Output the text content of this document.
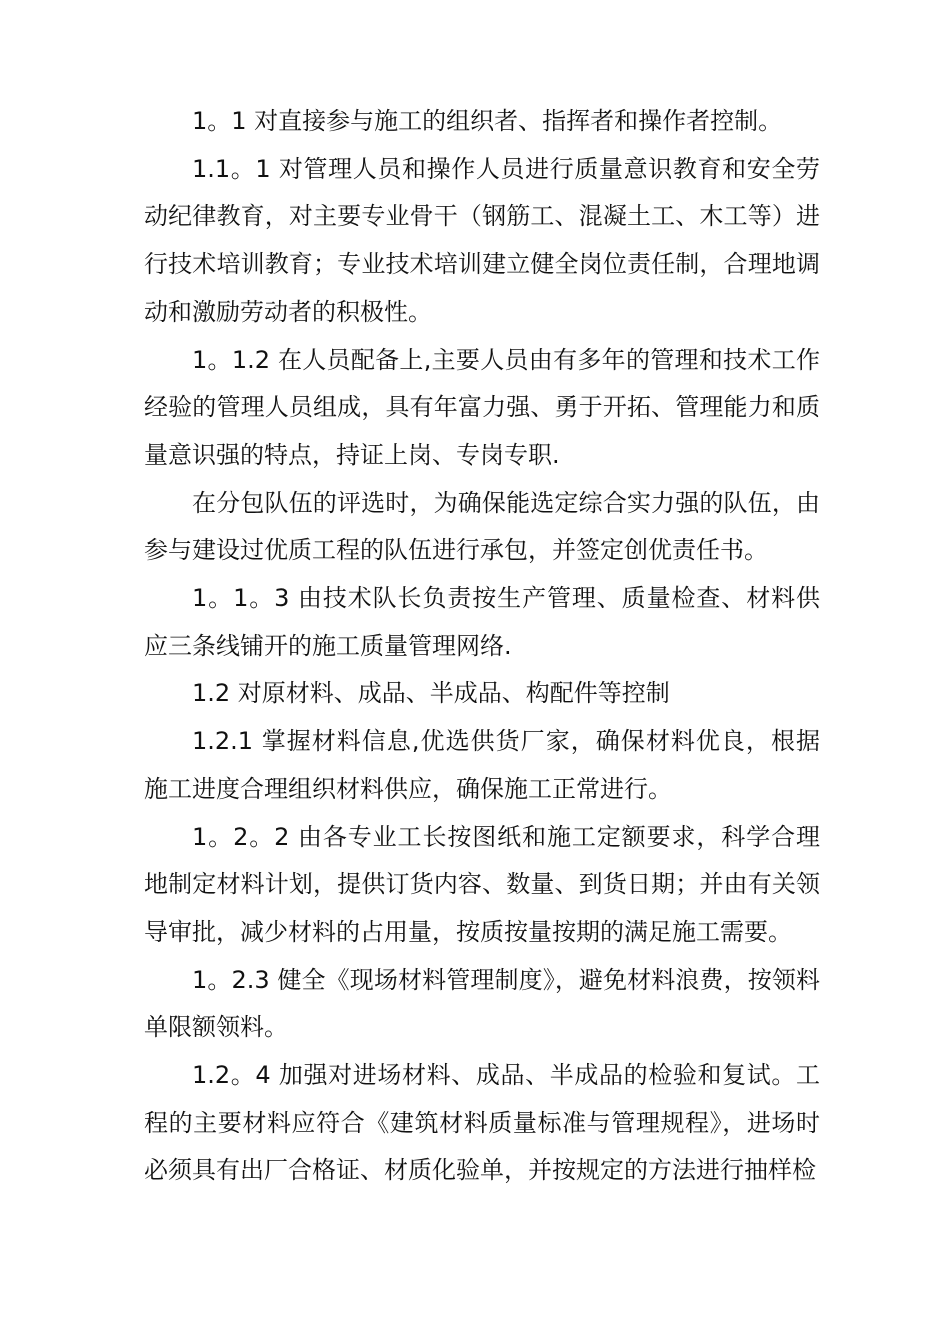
1。1 对直接参与施工的组织者、指挥者和操作者控制。

1.1。1 对管理人员和操作人员进行质量意识教育和安全劳动纪律教育，对主要专业骨干（钢筋工、混凝土工、木工等）进行技术培训教育；专业技术培训建立健全岗位责任制，合理地调动和激励劳动者的积极性。

1。1.2 在人员配备上,主要人员由有多年的管理和技术工作经验的管理人员组成，具有年富力强、勇于开拓、管理能力和质量意识强的特点，持证上岗、专岗专职.

在分包队伍的评选时，为确保能选定综合实力强的队伍，由参与建设过优质工程的队伍进行承包，并签定创优责任书。

1。1。3 由技术队长负责按生产管理、质量检查、材料供应三条线铺开的施工质量管理网络.

1.2 对原材料、成品、半成品、构配件等控制

1.2.1 掌握材料信息,优选供货厂家，确保材料优良，根据施工进度合理组织材料供应，确保施工正常进行。

1。2。2 由各专业工长按图纸和施工定额要求，科学合理地制定材料计划，提供订货内容、数量、到货日期；并由有关领导审批，减少材料的占用量，按质按量按期的满足施工需要。

1。2.3 健全《现场材料管理制度》，避免材料浪费，按领料单限额领料。

1.2。4 加强对进场材料、成品、半成品的检验和复试。工程的主要材料应符合《建筑材料质量标准与管理规程》，进场时必须具有出厂合格证、材质化验单，并按规定的方法进行抽样检
